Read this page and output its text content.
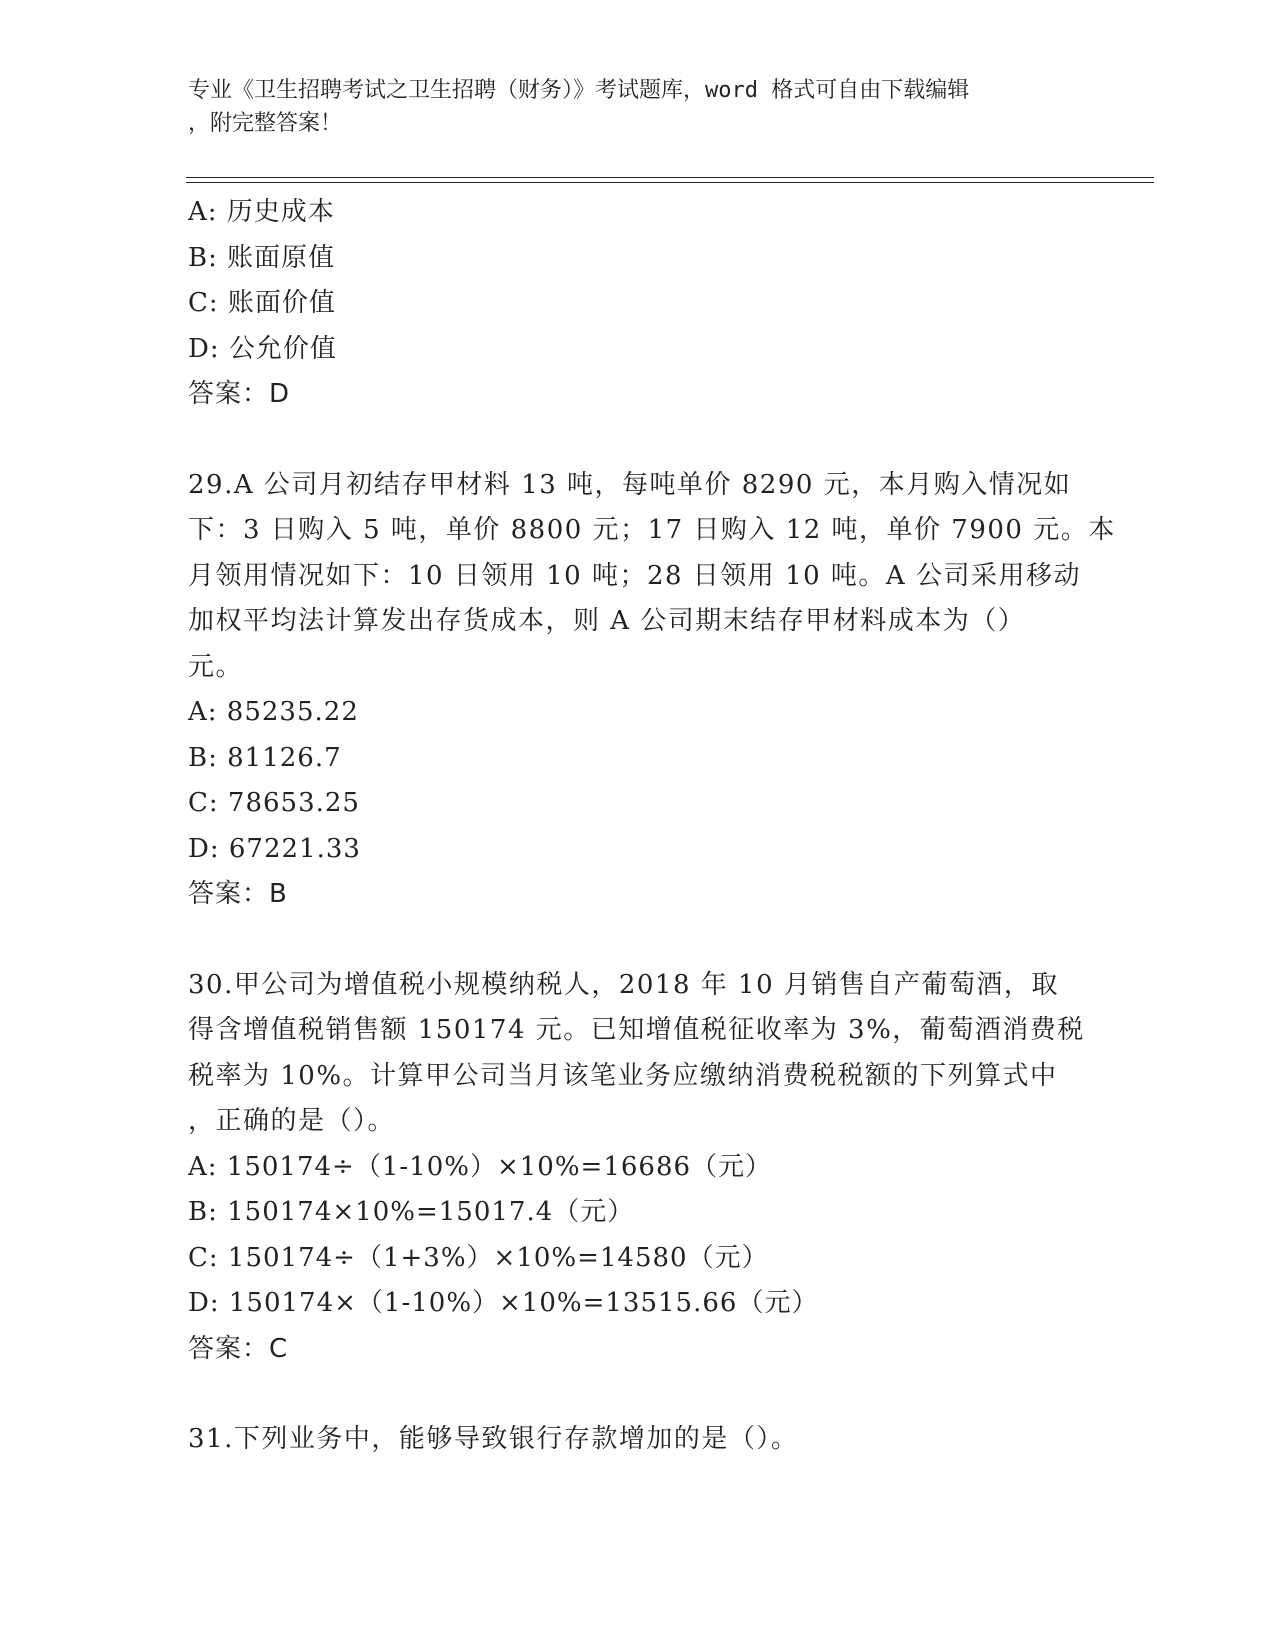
专业《卫生招聘考试之卫生招聘（财务）》考试题库，word 格式可自由下载编辑
，附完整答案！
A: 历史成本
B: 账面原值
C: 账面价值
D: 公允价值
答案：D
29.A 公司月初结存甲材料 13 吨，每吨单价 8290 元，本月购入情况如
下：3 日购入 5 吨，单价 8800 元；17 日购入 12 吨，单价 7900 元。本
月领用情况如下：10 日领用 10 吨；28 日领用 10 吨。A 公司采用移动
加权平均法计算发出存货成本，则 A 公司期末结存甲材料成本为（）
元。
A: 85235.22
B: 81126.7
C: 78653.25
D: 67221.33
答案：B
30.甲公司为增值税小规模纳税人，2018 年 10 月销售自产葡萄酒，取
得含增值税销售额 150174 元。已知增值税征收率为 3%，葡萄酒消费税
税率为 10%。计算甲公司当月该笔业务应缴纳消费税税额的下列算式中
，正确的是（）。
A: 150174÷（1-10%）×10%=16686（元）
B: 150174×10%=15017.4（元）
C: 150174÷（1+3%）×10%=14580（元）
D: 150174×（1-10%）×10%=13515.66（元）
答案：C
31.下列业务中，能够导致银行存款增加的是（）。
